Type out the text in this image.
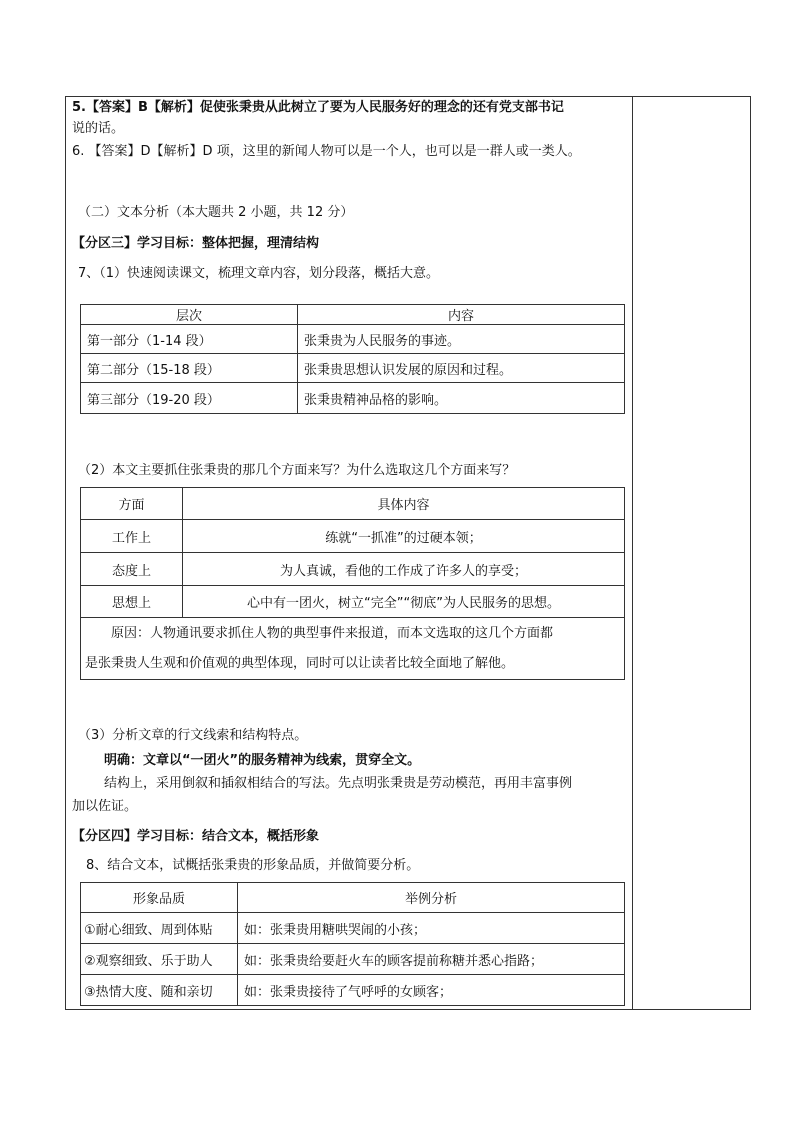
5.【答案】B【解析】促使张秉贵从此树立了要为人民服务好的理念的还有党支部书记
说的话。
6. 【答案】D【解析】D 项，这里的新闻人物可以是一个人，也可以是一群人或一类人。
（二）文本分析（本大题共 2 小题，共 12 分）
【分区三】学习目标：整体把握，理清结构
7、（1）快速阅读课文，梳理文章内容，划分段落，概括大意。
层次	内容
第一部分（1-14 段）	张秉贵为人民服务的事迹。
第二部分（15-18 段）	张秉贵思想认识发展的原因和过程。
第三部分（19-20 段）	张秉贵精神品格的影响。
（2）本文主要抓住张秉贵的那几个方面来写？为什么选取这几个方面来写？
方面	具体内容
工作上	练就“一抓准”的过硬本领；
态度上	为人真诚，看他的工作成了许多人的享受；
思想上	心中有一团火，树立“完全”“彻底”为人民服务的思想。

原因：人物通讯要求抓住人物的典型事件来报道，而本文选取的这几个方面都
是张秉贵人生观和价值观的典型体现，同时可以让读者比较全面地了解他。	
（3）分析文章的行文线索和结构特点。
明确：文章以“一团火”的服务精神为线索，贯穿全文。
结构上，采用倒叙和插叙相结合的写法。先点明张秉贵是劳动模范，再用丰富事例
加以佐证。
【分区四】学习目标：结合文本，概括形象
8、结合文本，试概括张秉贵的形象品质，并做简要分析。
形象品质	举例分析
①耐心细致、周到体贴	如：张秉贵用糖哄哭闹的小孩；
②观察细致、乐于助人	如：张秉贵给要赶火车的顾客提前称糖并悉心指路；
③热情大度、随和亲切	如：张秉贵接待了气呼呼的女顾客；
